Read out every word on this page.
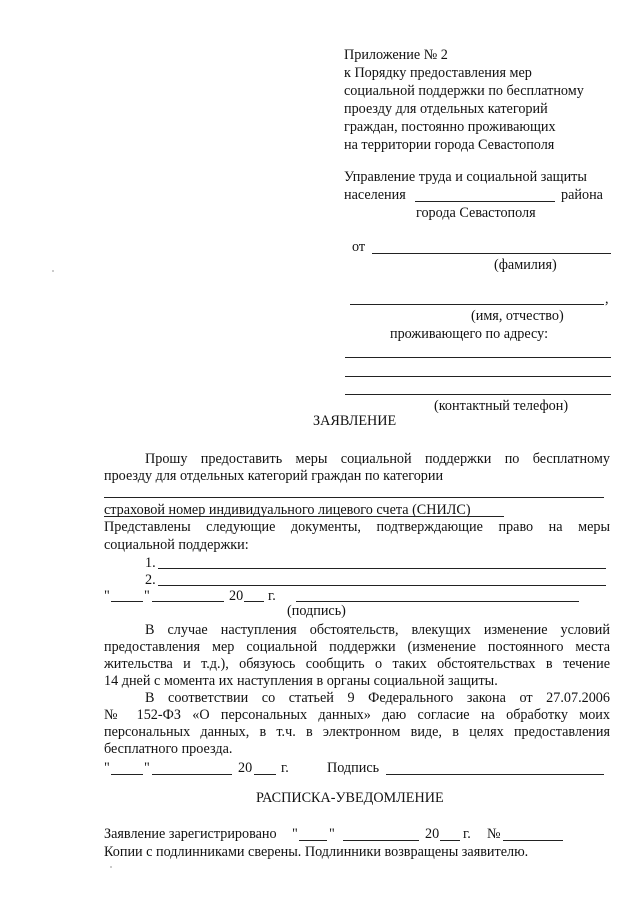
Приложение № 2
к Порядку предоставления мер
социальной поддержки по бесплатному
проезду для отдельных категорий
граждан, постоянно проживающих
на территории города Севастополя
Управление труда и социальной защиты
населения	района
города Севастополя
от
(фамилия)
,
(имя, отчество)
проживающего по адресу:
(контактный телефон)
ЗАЯВЛЕНИЕ
Прошу предоставить меры социальной поддержки по бесплатному
проезду для отдельных категорий граждан по категории
страховой номер индивидуального лицевого счета (СНИЛС)
Представлены следующие документы, подтверждающие право на меры
социальной поддержки:
1.
2.
" "	20 г.
(подпись)
В случае наступления обстоятельств, влекущих изменение условий
предоставления мер социальной поддержки (изменение постоянного места
жительства и т.д.), обязуюсь сообщить о таких обстоятельствах в течение
14 дней с момента их наступления в органы социальной защиты.
В соответствии со статьей 9 Федерального закона от 27.07.2006
№ 152-ФЗ «О персональных данных» даю согласие на обработку моих
персональных данных, в т.ч. в электронном виде, в целях предоставления
бесплатного проезда.
" "	20 г.	Подпись
РАСПИСКА-УВЕДОМЛЕНИЕ
Заявление зарегистрировано " "	20 г. №
Копии с подлинниками сверены. Подлинники возвращены заявителю.
